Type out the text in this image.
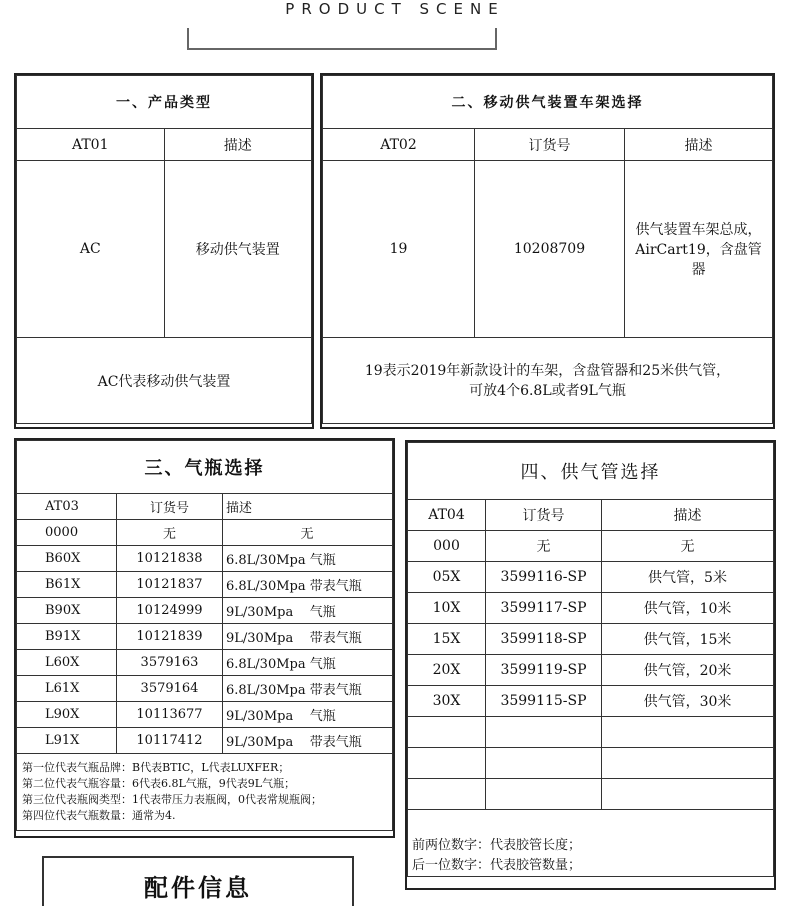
PRODUCT SCENE
一、产品类型	
AT01	描述
AC	移动供气装置
AC代表移动供气装置	
二、移动供气装置车架选择		
AT02	订货号	描述
19	10208709	供气装置车架总成，AirCart19，含盘管器

19表示2019年新款设计的车架，含盘管器和25米供气管，
可放4个6.8L或者9L气瓶		
三、气瓶选择		
AT03	订货号	描述
0000	无	无
B60X	10121838	6.8L/30Mpa 气瓶
B61X	10121837	6.8L/30Mpa 带表气瓶
B90X	10124999	9L/30Mpa    气瓶
B91X	10121839	9L/30Mpa    带表气瓶
L60X	3579163	6.8L/30Mpa 气瓶
L61X	3579164	6.8L/30Mpa 带表气瓶
L90X	10113677	9L/30Mpa    气瓶
L91X	10117412	9L/30Mpa    带表气瓶

第一位代表气瓶品牌：B代表BTIC，L代表LUXFER；
第二位代表气瓶容量：6代表6.8L气瓶，9代表9L气瓶；
第三位代表瓶阀类型：1代表带压力表瓶阀，0代表常规瓶阀；
第四位代表气瓶数量：通常为4.		
四、供气管选择		
AT04	订货号	描述
000	无	无
05X	3599116-SP	供气管，5米
10X	3599117-SP	供气管，10米
15X	3599118-SP	供气管，15米
20X	3599119-SP	供气管，20米
30X	3599115-SP	供气管，30米

前两位数字：代表胶管长度；
后一位数字：代表胶管数量；		
配件信息
